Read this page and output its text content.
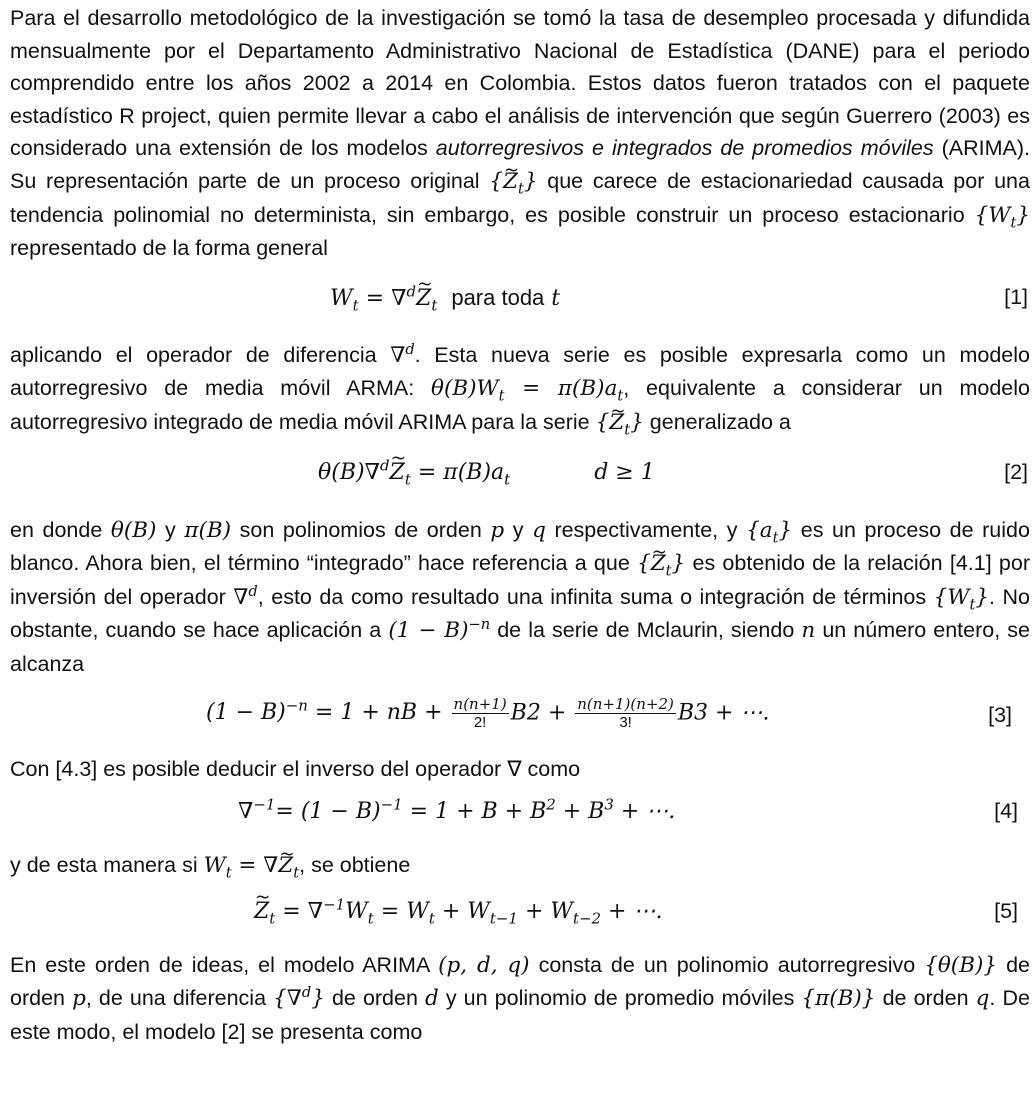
Para el desarrollo metodológico de la investigación se tomó la tasa de desempleo procesada y difundida mensualmente por el Departamento Administrativo Nacional de Estadística (DANE) para el periodo comprendido entre los años 2002 a 2014 en Colombia. Estos datos fueron tratados con el paquete estadístico R project, quien permite llevar a cabo el análisis de intervención que según Guerrero (2003) es considerado una extensión de los modelos autorregresivos e integrados de promedios móviles (ARIMA). Su representación parte de un proceso original {~ $Z_t$} que carece de estacionariedad causada por una tendencia polinomial no determinista, sin embargo, es posible construir un proceso estacionario $\{W_t\}$ representado de la forma general

$W_t$ = ∇$^d$~ $Z_t$ para toda t	[1]

aplicando el operador de diferencia ∇$^d$. Esta nueva serie es posible expresarla como un modelo autorregresivo de media móvil ARMA: $\theta(B)W_t = \pi(B)a_t$, equivalente a considerar un modelo autorregresivo integrado de media móvil ARIMA para la serie {~ $Z_t$} generalizado a

θ(B)∇$^d$~ $Z_t = \pi(B)a_t$	d ≥ 1	[2]

en donde θ(B) y π(B) son polinomios de orden p y q respectivamente, y $\{a_t\}$ es un proceso de ruido blanco. Ahora bien, el término “integrado” hace referencia a que {~ $Z_t$} es obtenido de la relación [4.1] por inversión del operador ∇$^d$, esto da como resultado una infinita suma o integración de términos $\{W_t\}$. No obstante, cuando se hace aplicación a $(1 - B)^{-n}$ de la serie de Mclaurin, siendo n un número entero, se alcanza

$(1 - B)^{-n} = 1$ + nB + $\frac{n(n+1)}{2!} B2 + \frac{n(n+1)(n+2)}{3!} B3$ + ⋯.	[3]

Con [4.3] es posible deducir el inverso del operador ∇ como

$\nabla^{-1}= (1 - B)^{-1} = 1 + B + B^2 + B^3$ + ⋯.	[4]

y de esta manera si $W_t$ = ∇~ $Z_t$, se obtiene

~ $Z_t = \nabla^{-1}W_t = W_t + W_{t-1} + W_{t-2}$ + ⋯.	[5]

En este orden de ideas, el modelo ARIMA (p, d, q) consta de un polinomio autorregresivo {θ(B)} de orden p, de una diferencia {∇$^d$} de orden d y un polinomio de promedio móviles {π(B)} de orden q. De este modo, el modelo [2] se presenta como
